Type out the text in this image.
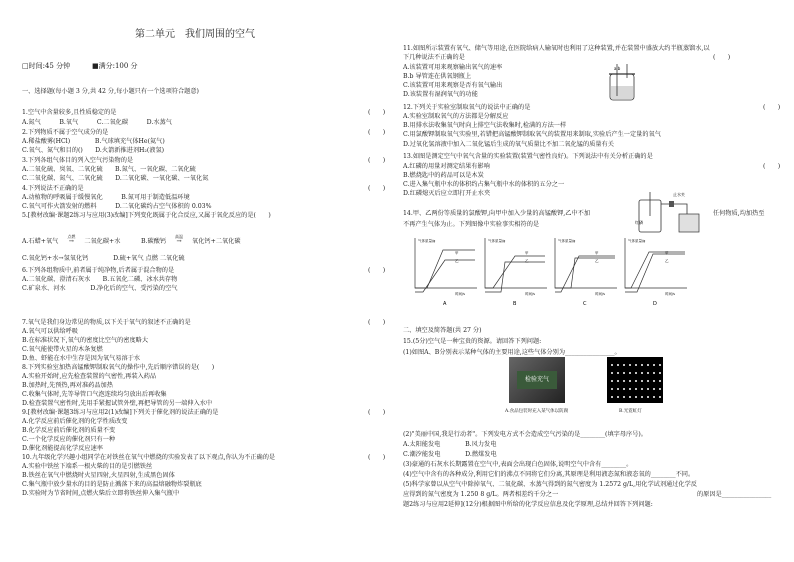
第二单元　我们周围的空气
□时间:45 分钟	■满分:100 分
一、选择题(每小题 3 分,共 42 分,每小题只有一个选项符合题意)
1.空气中含量较多,且性质稳定的是
A.氮气　　　B.氧气　　　C.二氧化碳　　　D.水蒸气
2.下列物质不属于空气成分的是
A.稀盐酸雾(HCl)　　　　B.气球填充气体He(氦气)
C.氧气、氮气和目的()　　D.火箭新推进剂H₂(液氢)
3.下列各组气体目的列入空气污染物的是
A.二氧化硫、臭氧、二氧化硫　　B.氮气、一氧化碳、二氧化硫
C.二氧化碳、氮气、二氧化硫　　D.二氧化碳、一氧化碳、一氧化氮
4.下列说法不正确的是
A.动植物的呼吸属于缓慢氧化　　　B.氮可用于制造低温环境
C.氧气可作火箭发射的燃料　　　D.二氧化碳约占空气体积的 0.03%
5.[教材改编·课题2练习与应用(3)改编]下列变化既属于化合反应,又属于氧化反应的是(　　)
C.氧化钙+水→氢氧化钙　　　　D.硫+氧气 点燃 二氧化硫
6.下列各组物质中,前者属于纯净物,后者属于混合物的是
A.二氧化碳、澄清石灰水　　B.五氧化二磷、冰水共存物
C.矿泉水、河水　　　　D.净化后的空气、受污染的空气
7.氧气是我们身边常见的物质,以下关于氧气的叙述不正确的是
A.氧气可以供给呼吸
B.在标准状况下,氧气的密度比空气的密度略大
C.氧气能使带火星的木条复燃
D.鱼、虾能在水中生存是因为氧气易溶于水
8.下列实验室加热高锰酸钾制取氧气的操作中,先后顺序错误的是(　　)
A.实验开始时,应先检查装置的气密性,再装入药品
B.加热时,先预热,再对准药品加热
C.收集气体时,先等导管口气泡连续均匀放出后再收集
D.检查装置气密性时,先用手紧握试管外壁,再把导管的另一端伸入水中
9.[教材改编·课题3练习与应用2(1)改编]下列关于催化剂的说法正确的是
A.化学反应前后催化剂的化学性质改变
B.化学反应前后催化剂的质量不变
C.一个化学反应的催化剂只有一种
D.催化剂能提高化学反应速率
10.九年级化学兴趣小组同学在对铁丝在氧气中燃烧的实验发表了以下观点,你认为不正确的是
A.实验中铁丝下端系一根火柴的目的是引燃铁丝
B.铁丝在氧气中燃烧时火星四射,火星四射,生成黑色固体
C.集气瓶中放少量水的目的是防止溅落下来的高温熔融物炸裂瓶底
D.实验时为节省时间,点燃火柴后立即将铁丝伸入集气瓶中
A.石蜡+氧气
点燃
→ 二氧化碳+水	B.碳酸钙
高温
→ 氧化钙+二氧化碳
(　　)
(　　)
(　　)
(　　)
(　　)
(　　)
(　　)
(　　)
11.如图所示装置有氧气、储气等用途,在医院给病人输氧时也利用了这种装置,并在装置中盛放大约半瓶蒸馏水,以
下几种说法不正确的是
A.该装置可用来观察输出氧气的速率
B.b 导管连在供氧钢瓶上
C.该装置可用来观察是否有氧气输出
D.该装置有湿润氧气的功能
12.下列关于实验室制取氧气的说法中正确的是
A.实验室制取氧气的方法都是分解反应
B.用排水法收集氧气时向上排空气法收集时,检满的方法一样
C.用氯酸钾制取氧气实验里,若错把高锰酸钾制取氧气的装置用来制取,实验后产生一定量的氧气
D.过氧化氢溶液中加入二氧化锰后生成的氧气质量比不加二氧化锰的质量有关
13.如图是测定空气中氧气含量的实验装置(装置气密性良好)。下列说法中有关分析正确的是
A.红磷的用量对测定结果有影响
B.燃烧匙中的药品可以是木炭
C.进入集气瓶中水的体积约占集气瓶中水的体积的五分之一
D.红磷熄灭后应立即打开止水夹
14.甲、乙两份等质量的氯酸钾,向甲中加入少量的高锰酸钾,乙中不加
不再产生气体为止。下列图像中实验事实相符的是
二、填空及简答题(共 27 分)
15.(5分)空气是一种宝贵的资源。请回答下列问题:
(1)如图A、B分别表示某种气体的主要用途,这些气体分别为________________。
(2)"美丽中国,我是行动者"。下列发电方式不会造成空气污染的是________(填字母序号)。
A.太阳能发电　　　　B.风力发电
C.潮汐能发电　　　　D.燃煤发电
(3)豪通的石灰水长期露置在空气中,表面会出现白色固体,说明空气中含有________。
(4)空气中含有的各种成分,利用它们的沸点不同将它们分离,其原理是利用液态氮和液态氧的________不同。
(5)科学家曾以从空气中除掉氧气、二氧化碳、水蒸气得到的氮气密度为 1.2572 g/L,用化学试剂通过化学反
应得到的氮气密度为 1.250 8 g/L。两者相差约千分之一
题2练习与应用2延伸](12分)根据图中所给的化学反应信息及化学原理,总结并回答下列问题:
(　　)
(　　)
(　　)
任何物质,均加热至
的原因是________________
a b
止水夹
红磷
气体质量/g
时间/s
甲
乙
A
气体质量/g
时间/s
甲
乙
B
气体质量/g
时间/s
甲
乙
C
气体质量/g
时间/s
甲
乙
D
检验充气
A.食品包装时充入某气体以防腐	B.光霓虹灯
